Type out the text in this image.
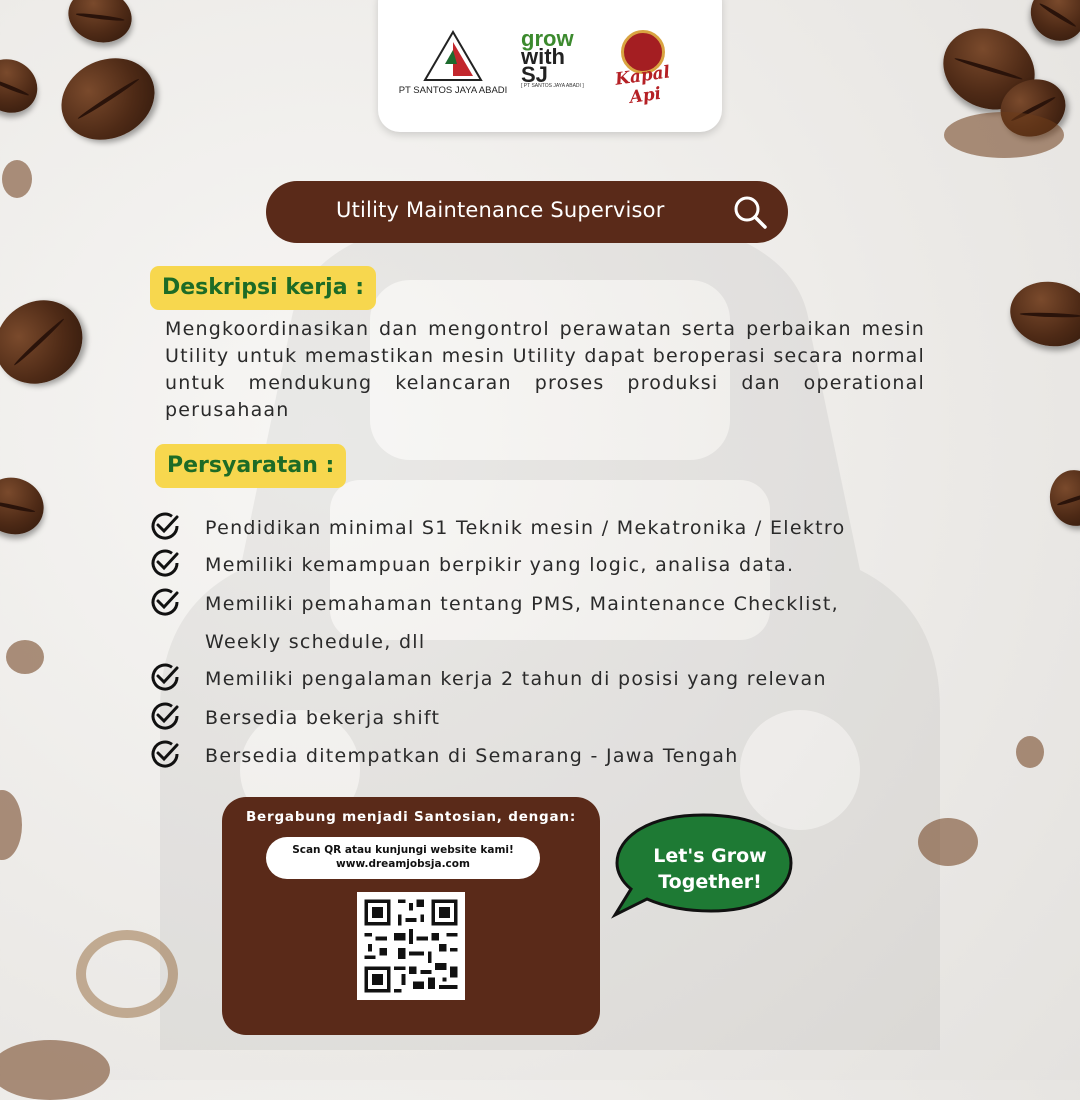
PT SANTOS JAYA ABADI
grow
with
SJ
[ PT SANTOS JAYA ABADI ]	Kapal Api
Utility Maintenance Supervisor
Deskripsi kerja :
Mengkoordinasikan dan mengontrol perawatan serta perbaikan mesin Utility untuk memastikan mesin Utility dapat beroperasi secara normal untuk mendukung kelancaran proses produksi dan operational perusahaan
Persyaratan :
Pendidikan minimal S1 Teknik mesin / Mekatronika / Elektro
Memiliki kemampuan berpikir yang logic, analisa data.
Memiliki pemahaman tentang PMS, Maintenance Checklist,
Weekly schedule, dll
Memiliki pengalaman kerja 2 tahun di posisi yang relevan
Bersedia bekerja shift
Bersedia ditempatkan di Semarang - Jawa Tengah
Bergabung menjadi Santosian, dengan:
Scan QR atau kunjungi website kami!
www.dreamjobsja.com	Let's Grow
Together!
